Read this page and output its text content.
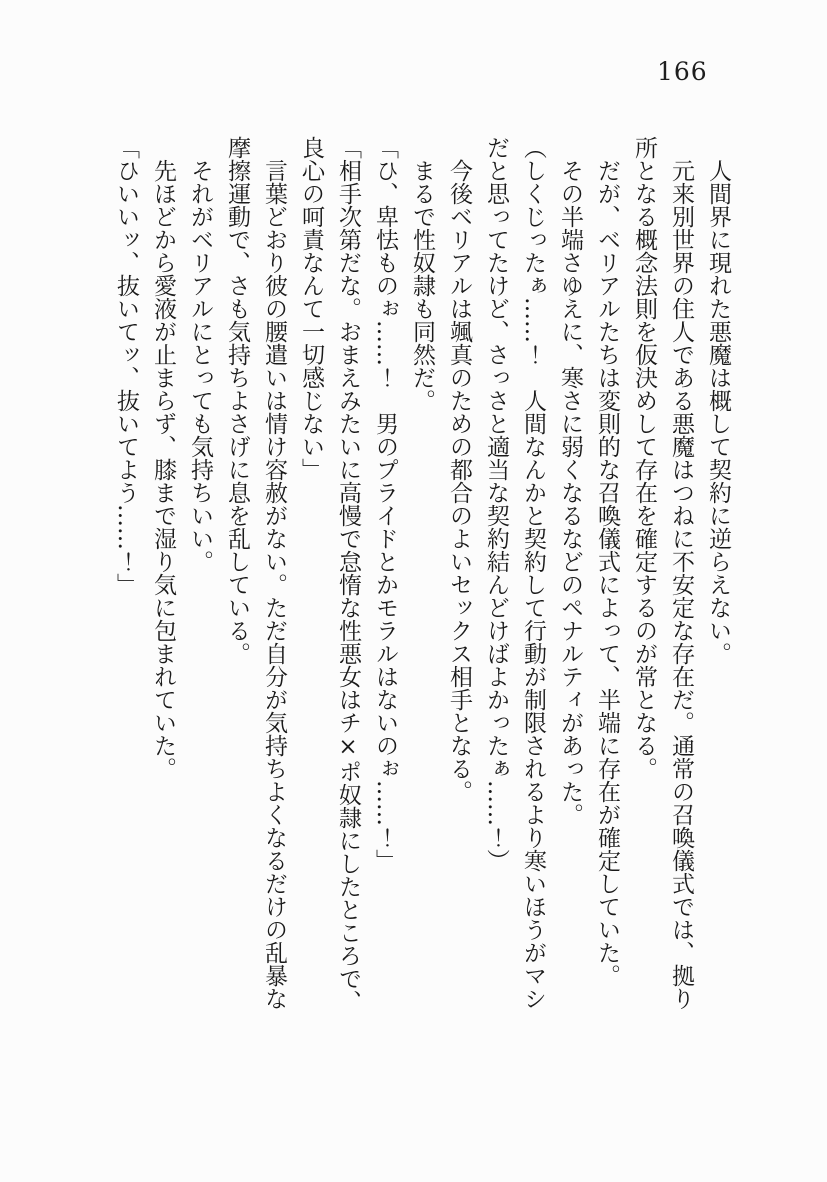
166

人間界に現れた悪魔は概して契約に逆らえない。

元来別世界の住人である悪魔はつねに不安定な存在だ。通常の召喚儀式では、拠り所となる概念法則を仮決めして存在を確定するのが常となる。

だが、ベリアルたちは変則的な召喚儀式によって、半端に存在が確定していた。

その半端さゆえに、寒さに弱くなるなどのペナルティがあった。

（しくじったぁ……！　人間なんかと契約して行動が制限されるより寒いほうがマシだと思ってたけど、さっさと適当な契約結んどけばよかったぁ……！）

今後ベリアルは颯真のための都合のよいセックス相手となる。

まるで性奴隷も同然だ。

「ひ、卑怯ものぉ……！　男のプライドとかモラルはないのぉ……！」

「相手次第だな。おまえみたいに高慢で怠惰な性悪女はチ×ポ奴隷にしたところで、良心の呵責なんて一切感じない」

言葉どおり彼の腰遣いは情け容赦がない。ただ自分が気持ちよくなるだけの乱暴な摩擦運動で、さも気持ちよさげに息を乱している。

それがベリアルにとっても気持ちいい。

先ほどから愛液が止まらず、膝まで湿り気に包まれていた。

「ひいいッ、抜いてッ、抜いてよう……！」
